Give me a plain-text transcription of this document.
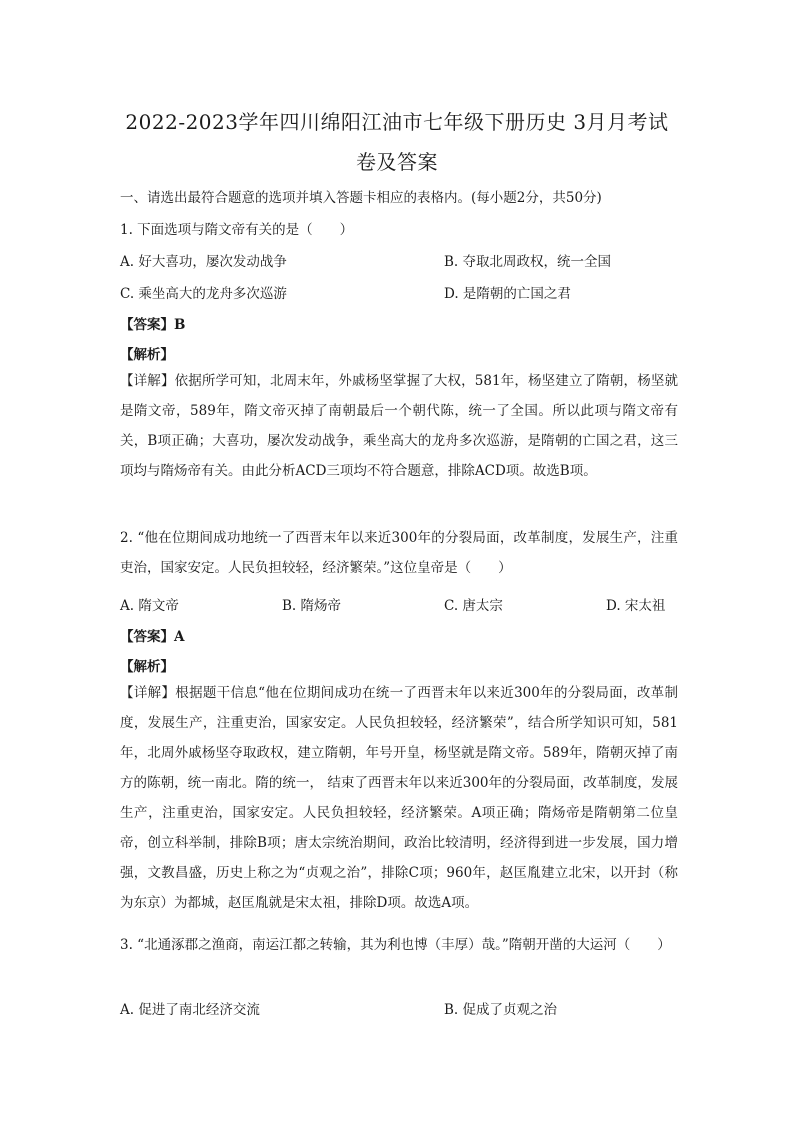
2022-2023学年四川绵阳江油市七年级下册历史 3月月考试
卷及答案
一、请选出最符合题意的选项并填入答题卡相应的表格内。(每小题2分，共50分)
1. 下面选项与隋文帝有关的是（　　）
A. 好大喜功，屡次发动战争	B. 夺取北周政权，统一全国
C. 乘坐高大的龙舟多次巡游	D. 是隋朝的亡国之君
【答案】B
【解析】
【详解】依据所学可知，北周末年，外戚杨坚掌握了大权，581年，杨坚建立了隋朝，杨坚就是隋文帝，589年，隋文帝灭掉了南朝最后一个朝代陈，统一了全国。所以此项与隋文帝有关，B项正确；大喜功，屡次发动战争，乘坐高大的龙舟多次巡游，是隋朝的亡国之君，这三项均与隋炀帝有关。由此分析ACD三项均不符合题意，排除ACD项。故选B项。
2. “他在位期间成功地统一了西晋末年以来近300年的分裂局面，改革制度，发展生产，注重吏治，国家安定。人民负担较轻，经济繁荣。”这位皇帝是（　　）
A. 隋文帝	B. 隋炀帝	C. 唐太宗	D. 宋太祖
【答案】A
【解析】
【详解】根据题干信息“他在位期间成功在统一了西晋末年以来近300年的分裂局面，改革制度，发展生产，注重吏治，国家安定。人民负担较轻，经济繁荣”，结合所学知识可知，581年，北周外戚杨坚夺取政权，建立隋朝，年号开皇，杨坚就是隋文帝。589年，隋朝灭掉了南方的陈朝，统一南北。隋的统一， 结束了西晋末年以来近300年的分裂局面，改革制度，发展生产，注重吏治，国家安定。人民负担较轻，经济繁荣。A项正确；隋炀帝是隋朝第二位皇帝，创立科举制，排除B项；唐太宗统治期间，政治比较清明，经济得到进一步发展，国力增强，文教昌盛，历史上称之为“贞观之治”，排除C项；960年，赵匡胤建立北宋，以开封（称为东京）为都城，赵匡胤就是宋太祖，排除D项。故选A项。
3. “北通涿郡之渔商，南运江都之转输，其为利也博（丰厚）哉。”隋朝开凿的大运河（　　）
A. 促进了南北经济交流	B. 促成了贞观之治
